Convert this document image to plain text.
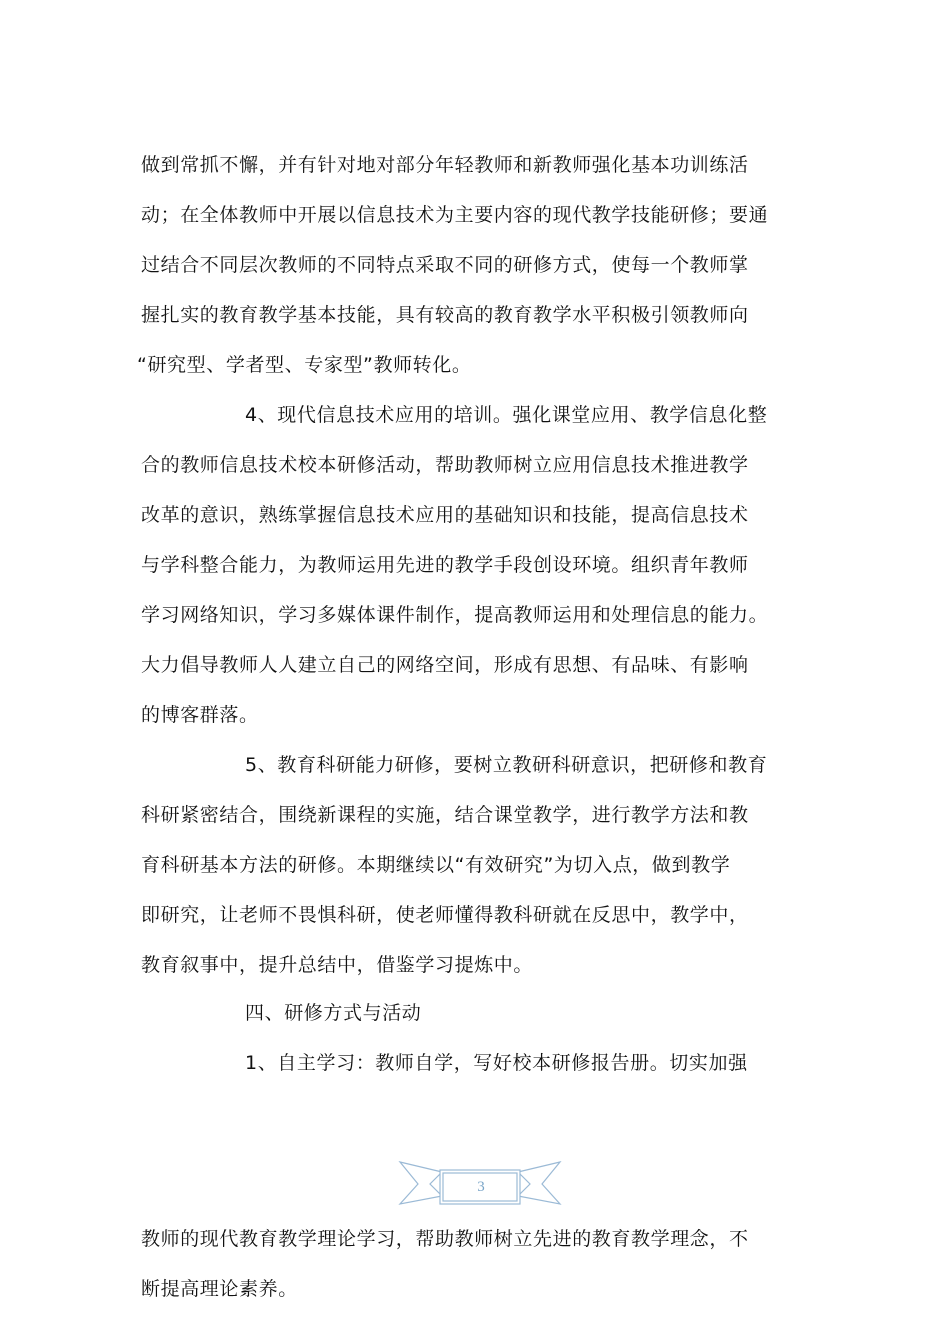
做到常抓不懈，并有针对地对部分年轻教师和新教师强化基本功训练活
动；在全体教师中开展以信息技术为主要内容的现代教学技能研修；要通
过结合不同层次教师的不同特点采取不同的研修方式，使每一个教师掌
握扎实的教育教学基本技能，具有较高的教育教学水平积极引领教师向
“研究型、学者型、专家型”教师转化。
4、现代信息技术应用的培训。强化课堂应用、教学信息化整
合的教师信息技术校本研修活动，帮助教师树立应用信息技术推进教学
改革的意识，熟练掌握信息技术应用的基础知识和技能，提高信息技术
与学科整合能力，为教师运用先进的教学手段创设环境。组织青年教师
学习网络知识，学习多媒体课件制作，提高教师运用和处理信息的能力。
大力倡导教师人人建立自己的网络空间，形成有思想、有品味、有影响
的博客群落。
5、教育科研能力研修，要树立教研科研意识，把研修和教育
科研紧密结合，围绕新课程的实施，结合课堂教学，进行教学方法和教
育科研基本方法的研修。本期继续以“有效研究”为切入点，做到教学
即研究，让老师不畏惧科研，使老师懂得教科研就在反思中，教学中，
教育叙事中，提升总结中，借鉴学习提炼中。
四、研修方式与活动
1、自主学习：教师自学，写好校本研修报告册。切实加强
3
教师的现代教育教学理论学习，帮助教师树立先进的教育教学理念，不
断提高理论素养。
